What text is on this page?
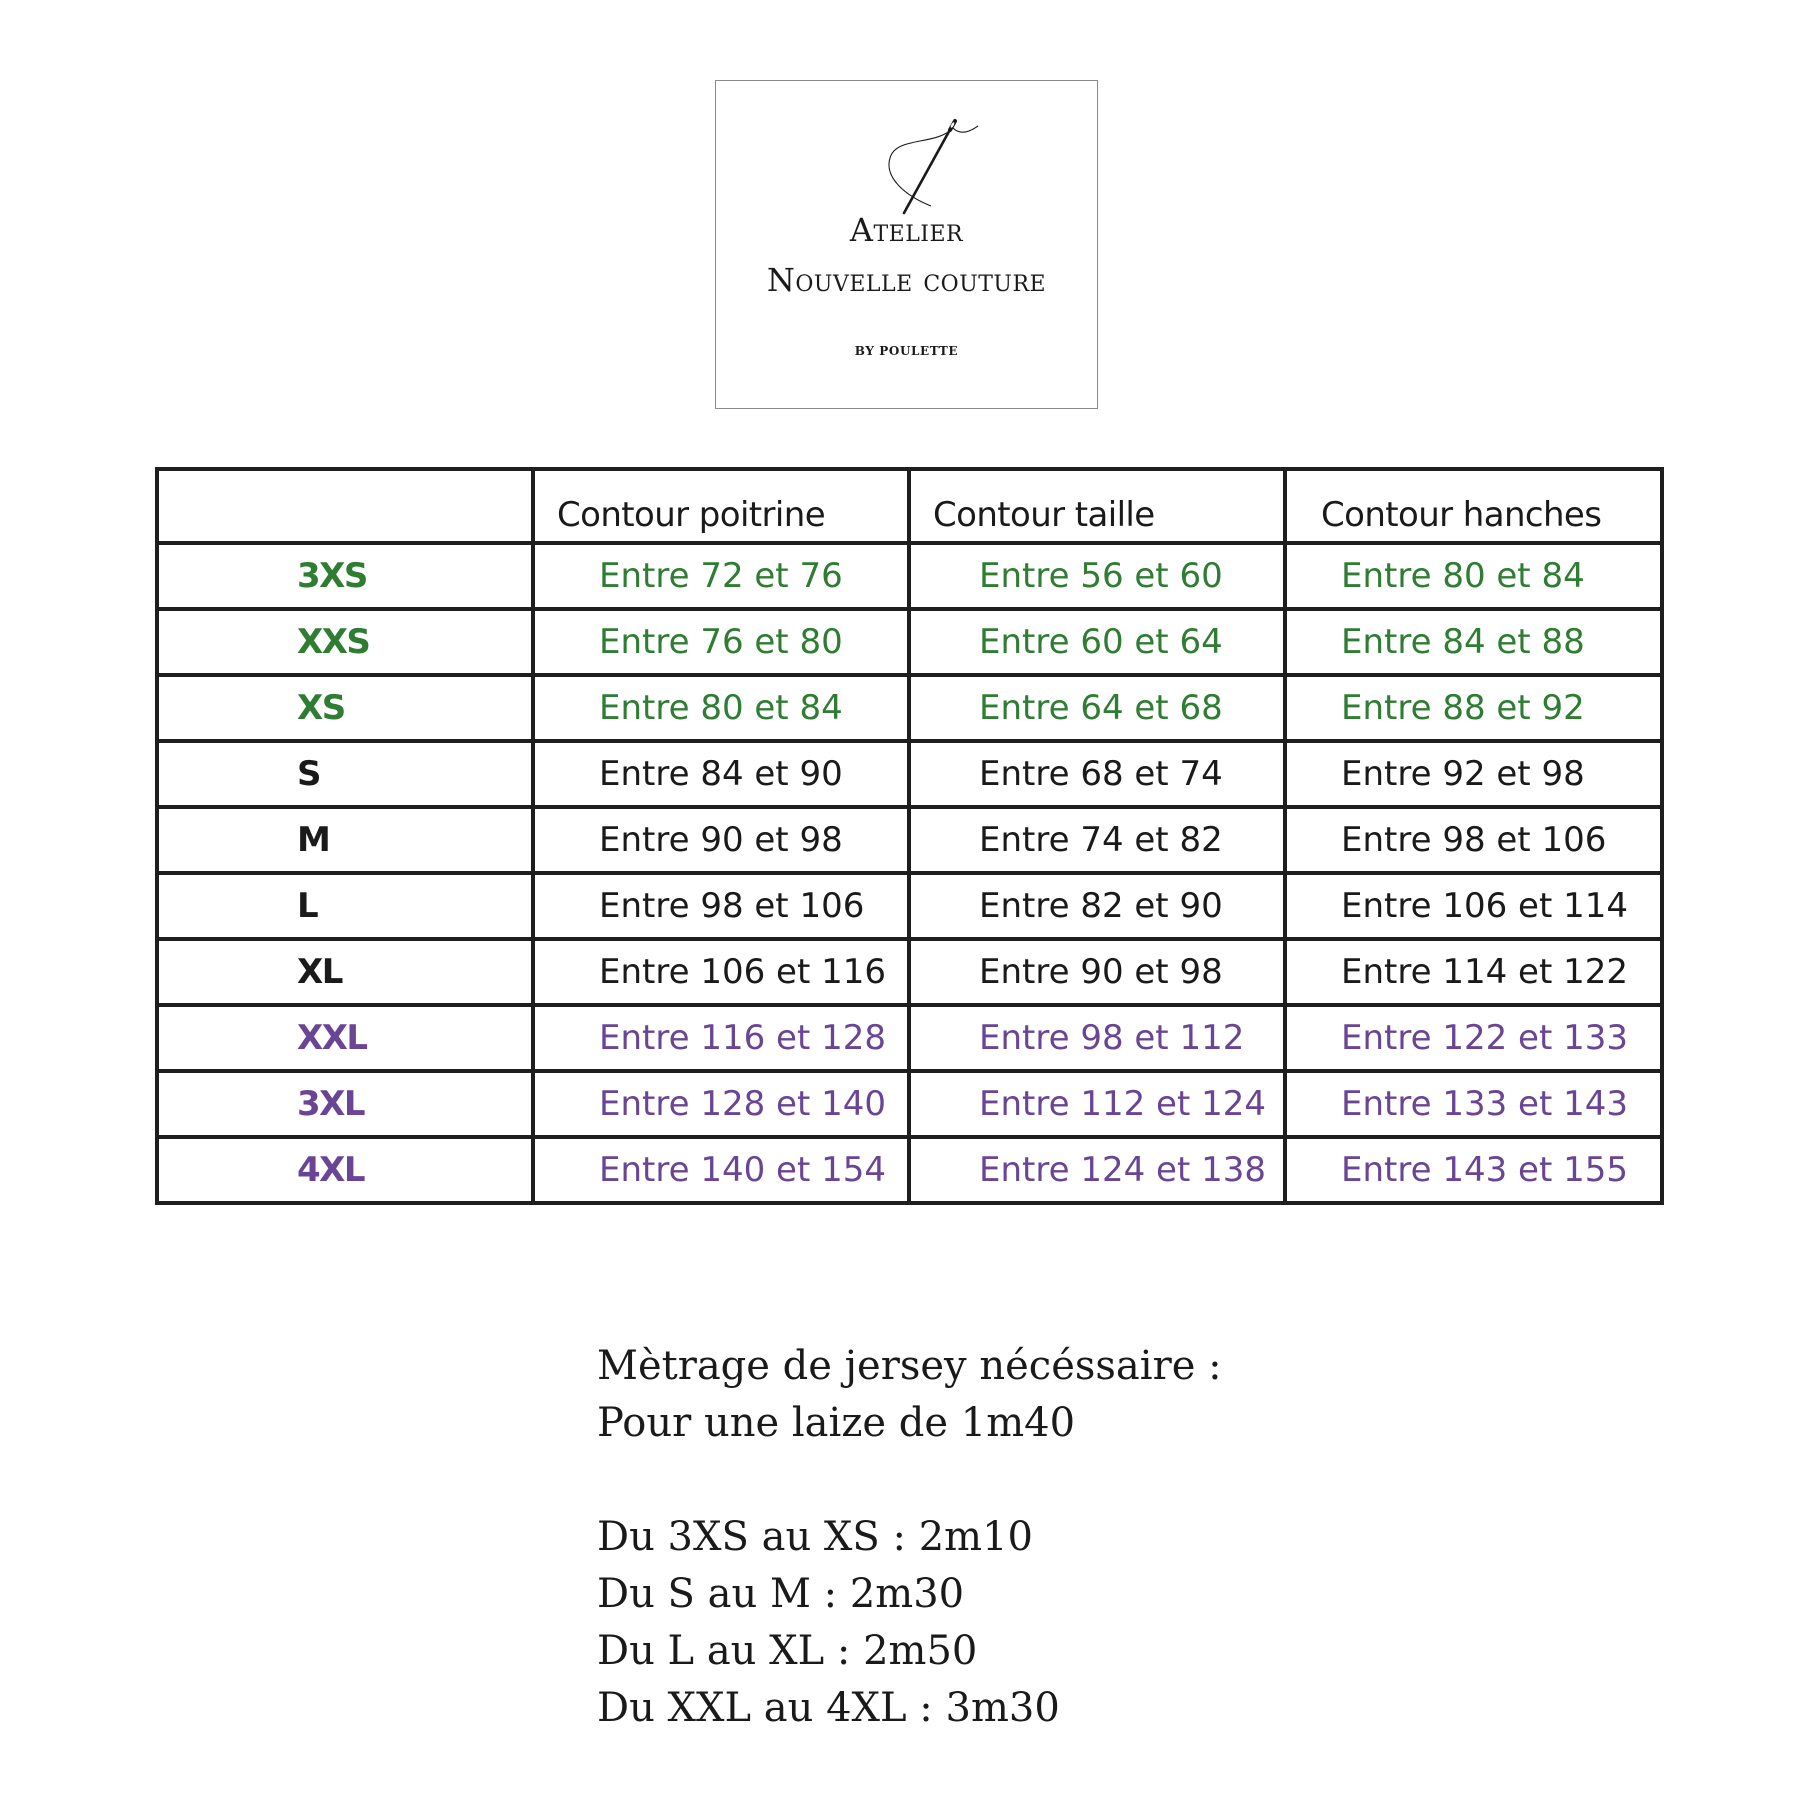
Atelier
Nouvelle couture
BY POULETTE
	Contour poitrine	Contour taille	Contour hanches
3XS	Entre 72 et 76	Entre 56 et 60	Entre 80 et 84
XXS	Entre 76 et 80	Entre 60 et 64	Entre 84 et 88
XS	Entre 80 et 84	Entre 64 et 68	Entre 88 et 92
S	Entre 84 et 90	Entre 68 et 74	Entre 92 et 98
M	Entre 90 et 98	Entre 74 et 82	Entre 98 et 106
L	Entre 98 et 106	Entre 82 et 90	Entre 106 et 114
XL	Entre 106 et 116	Entre 90 et 98	Entre 114 et 122
XXL	Entre 116 et 128	Entre 98 et 112	Entre 122 et 133
3XL	Entre 128 et 140	Entre 112 et 124	Entre 133 et 143
4XL	Entre 140 et 154	Entre 124 et 138	Entre 143 et 155
Mètrage de jersey nécéssaire :
Pour une laize de 1m40
Du 3XS au XS : 2m10
Du S au M : 2m30
Du L au XL : 2m50
Du XXL au 4XL : 3m30
